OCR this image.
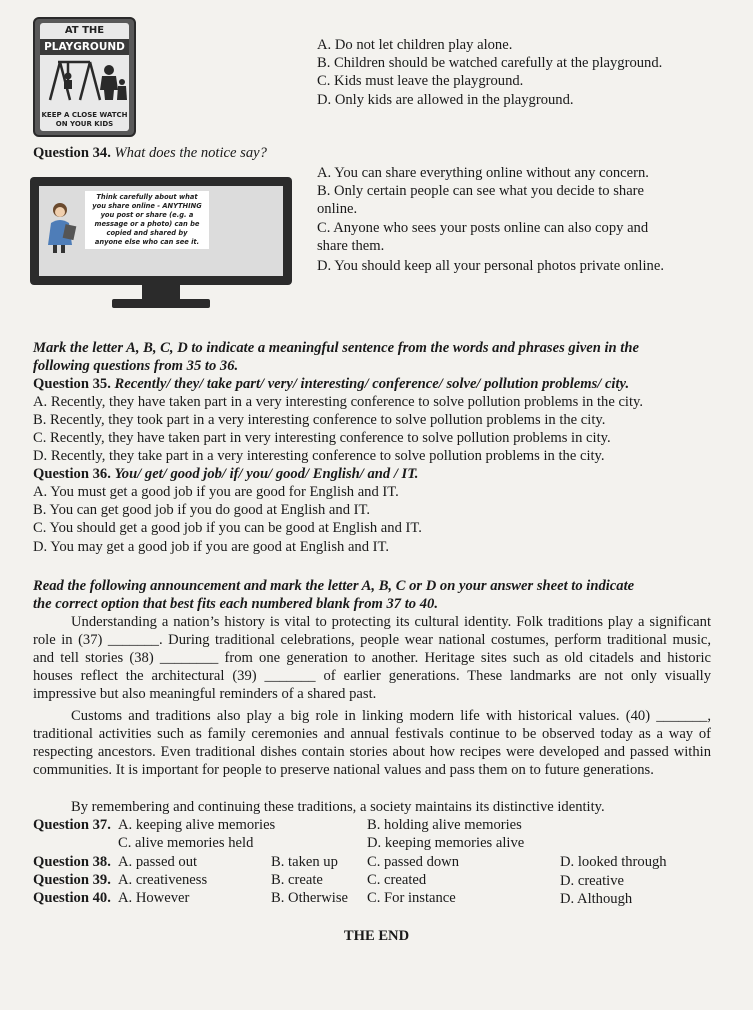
AT THE
PLAYGROUND
KEEP A CLOSE WATCH
ON YOUR KIDS
A. Do not let children play alone.
B. Children should be watched carefully at the playground.
C. Kids must leave the playground.
D. Only kids are allowed in the playground.
Question 34. What does the notice say?
Think carefully about what
you share online - ANYTHING
you post or share (e.g. a
message or a photo) can be
copied and shared by
anyone else who can see it.
A. You can share everything online without any concern.
B. Only certain people can see what you decide to share
online.
C. Anyone who sees your posts online can also copy and
share them.
D. You should keep all your personal photos private online.
Mark the letter A, B, C, D to indicate a meaningful sentence from the words and phrases given in the
following questions from 35 to 36.
Question 35. Recently/ they/ take part/ very/ interesting/ conference/ solve/ pollution problems/ city.
A. Recently, they have taken part in a very interesting conference to solve pollution problems in the city.
B. Recently, they took part in a very interesting conference to solve pollution problems in the city.
C. Recently, they have taken part in very interesting conference to solve pollution problems in city.
D. Recently, they take part in a very interesting conference to solve pollution problems in the city.
Question 36. You/ get/ good job/ if/ you/ good/ English/ and / IT.
A. You must get a good job if you are good for English and IT.
B. You can get good job if you do good at English and IT.
C. You should get a good job if you can be good at English and IT.
D. You may get a good job if you are good at English and IT.
Read the following announcement and mark the letter A, B, C or D on your answer sheet to indicate
the correct option that best fits each numbered blank from 37 to 40.
Understanding a nation’s history is vital to protecting its cultural identity. Folk traditions play a significant role in (37) _______. During traditional celebrations, people wear national costumes, perform traditional music, and tell stories (38) ________ from one generation to another. Heritage sites such as old citadels and historic houses reflect the architectural (39) _______ of earlier generations. These landmarks are not only visually impressive but also meaningful reminders of a shared past.
Customs and traditions also play a big role in linking modern life with historical values. (40) _______, traditional activities such as family ceremonies and annual festivals continue to be observed today as a way of respecting ancestors. Even traditional dishes contain stories about how recipes were developed and passed within communities. It is important for people to preserve national values and pass them on to future generations.
By remembering and continuing these traditions, a society maintains its distinctive identity.
Question 37. A. keeping alive memories	B. holding alive memories
C. alive memories held	D. keeping memories alive
Question 38. A. passed out	B. taken up C. passed down	D. looked through
Question 39. A. creativeness	B. create	C. created	D. creative
Question 40. A. However	B. Otherwise C. For instance	D. Although
THE END
